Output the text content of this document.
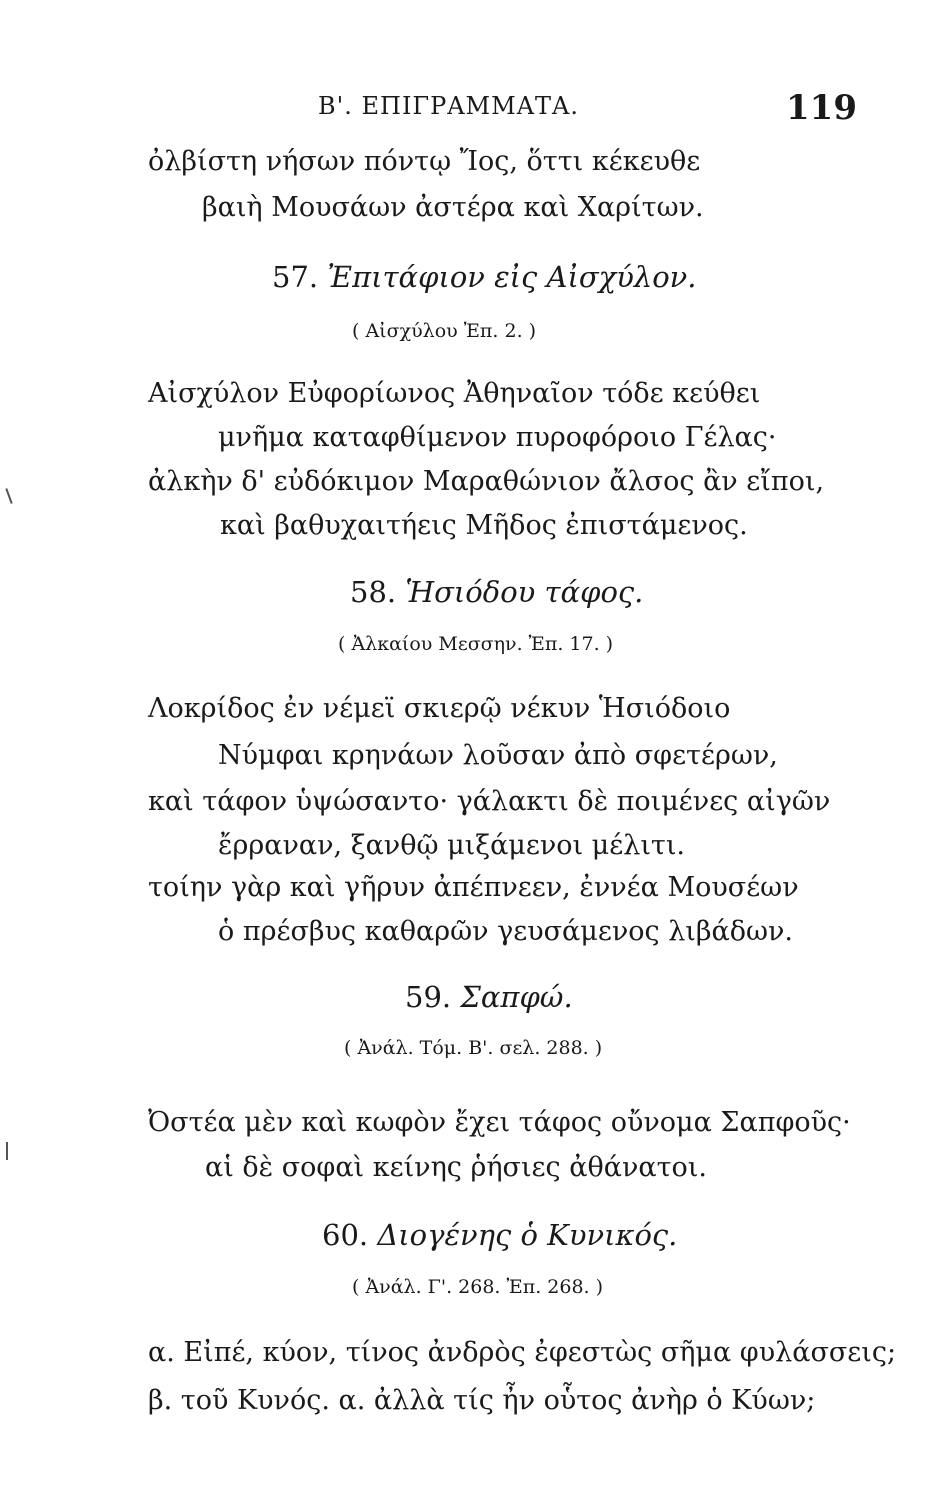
Β'. ΕΠΙΓΡΑΜΜΑΤΑ.	119
ὀλβίστη νήσων πόντῳ Ἴος, ὅττι κέκευθε
βαιὴ Μουσάων ἀστέρα καὶ Χαρίτων.
57. Ἐπιτάφιον εἰς Αἰσχύλον.
( Αἰσχύλου Ἐπ. 2. )
Αἰσχύλον Εὐφορίωνος Ἀθηναῖον τόδε κεύθει
μνῆμα καταφθίμενον πυροφόροιο Γέλας·
ἀλκὴν δ' εὐδόκιμον Μαραθώνιον ἄλσος ἂν εἴποι,
καὶ βαθυχαιτήεις Μῆδος ἐπιστάμενος.
58. Ἡσιόδου τάφος.
( Ἀλκαίου Μεσσην. Ἐπ. 17. )
Λοκρίδος ἐν νέμεϊ σκιερῷ νέκυν Ἡσιόδοιο
Νύμφαι κρηνάων λοῦσαν ἀπὸ σφετέρων,
καὶ τάφον ὑψώσαντο· γάλακτι δὲ ποιμένες αἰγῶν
ἔρραναν, ξανθῷ μιξάμενοι μέλιτι.
τοίην γὰρ καὶ γῆρυν ἀπέπνεεν, ἐννέα Μουσέων
ὁ πρέσβυς καθαρῶν γευσάμενος λιβάδων.
59. Σαπφώ.
( Ἀνάλ. Τόμ. Β'. σελ. 288. )
Ὀστέα μὲν καὶ κωφὸν ἔχει τάφος οὔνομα Σαπφοῦς·
αἱ δὲ σοφαὶ κείνης ῥήσιες ἀθάνατοι.
60. Διογένης ὁ Κυνικός.
( Ἀνάλ. Γ'. 268. Ἐπ. 268. )
α. Εἰπέ, κύον, τίνος ἀνδρὸς ἐφεστὼς σῆμα φυλάσσεις;
β. τοῦ Κυνός. α. ἀλλὰ τίς ἦν οὗτος ἀνὴρ ὁ Κύων;
